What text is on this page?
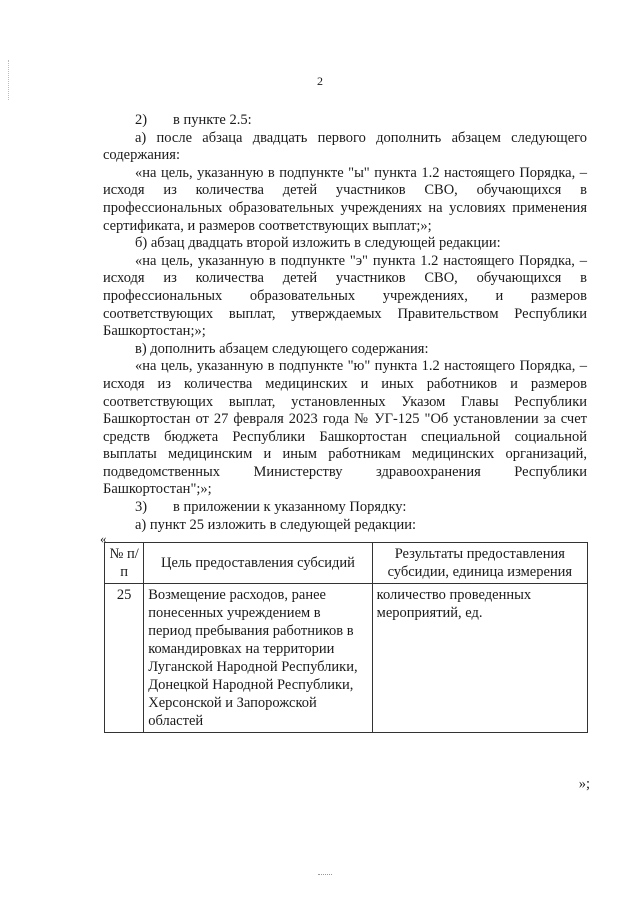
2

2) в пункте 2.5:

а) после абзаца двадцать первого дополнить абзацем следующего содержания:

«на цель, указанную в подпункте "ы" пункта 1.2 настоящего Порядка, – исходя из количества детей участников СВО, обучающихся в профессиональных образовательных учреждениях на условиях применения сертификата, и размеров соответствующих выплат;»;

б) абзац двадцать второй изложить в следующей редакции:

«на цель, указанную в подпункте "э" пункта 1.2 настоящего Порядка, – исходя из количества детей участников СВО, обучающихся в профессиональных образовательных учреждениях, и размеров соответствующих выплат, утверждаемых Правительством Республики Башкортостан;»;

в) дополнить абзацем следующего содержания:

«на цель, указанную в подпункте "ю" пункта 1.2 настоящего Порядка, – исходя из количества медицинских и иных работников и размеров соответствующих выплат, установленных Указом Главы Республики Башкортостан от 27 февраля 2023 года № УГ-125 "Об установлении за счет средств бюджета Республики Башкортостан специальной социальной выплаты медицинским и иным работникам медицинских организаций, подведомственных Министерству здравоохранения Республики Башкортостан";»;

3) в приложении к указанному Порядку:

а) пункт 25 изложить в следующей редакции:

«
№ п/п	Цель предоставления субсидий	Результаты предоставления субсидии, единица измерения
25	Возмещение расходов, ранее понесенных учреждением в период пребывания работников в командировках на территории Луганской Народной Республики, Донецкой Народной Республики, Херсонской и Запорожской областей	количество проведенных мероприятий, ед.
»;
